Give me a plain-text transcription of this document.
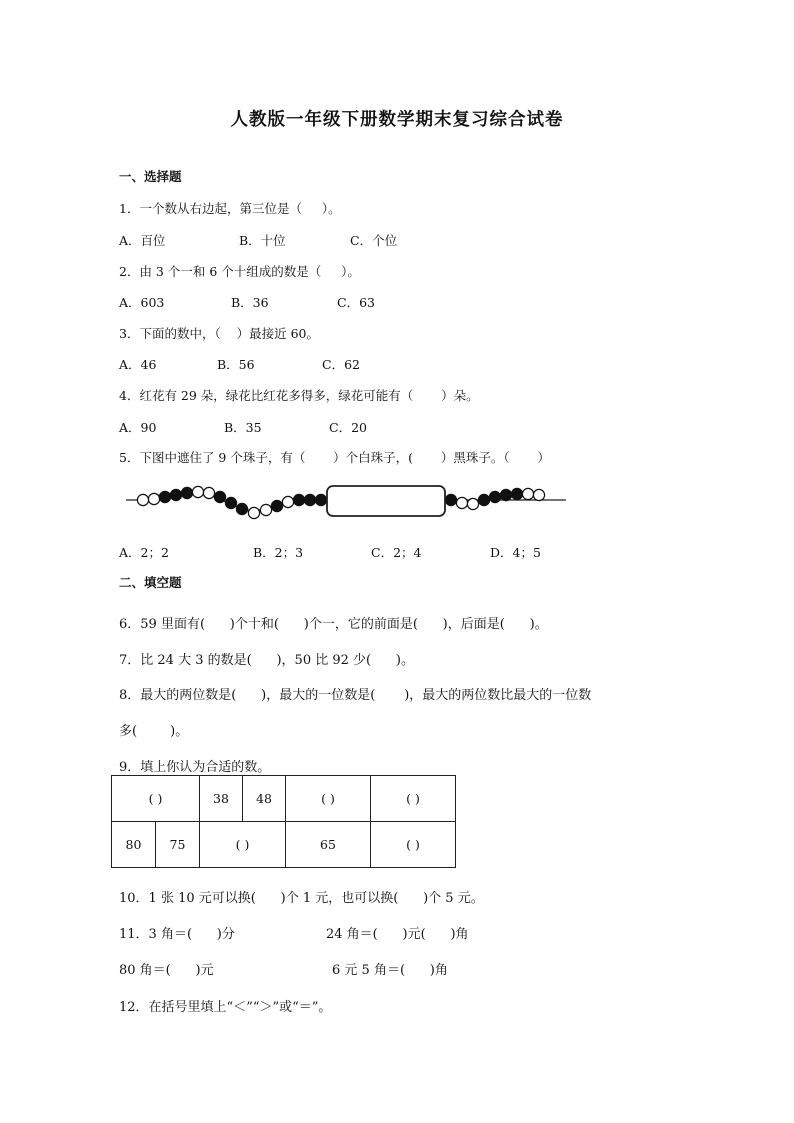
人教版一年级下册数学期末复习综合试卷
一、选择题
1．一个数从右边起，第三位是（     ）。
A．百位	B．十位	C．个位
2．由 3 个一和 6 个十组成的数是（     ）。
A．603	B．36	C．63
3．下面的数中，（    ）最接近 60。
A．46	B．56	C．62
4．红花有 29 朵，绿花比红花多得多，绿花可能有（       ）朵。
A．90	B．35	C．20
5．下图中遮住了 9 个珠子，有（       ）个白珠子，(       ）黑珠子。（       ）
A．2；2	B．2；3	C．2；4	D．4；5
二、填空题
6．59 里面有(      )个十和(      )个一，它的前面是(      )，后面是(      )。
7．比 24 大 3 的数是(      )，50 比 92 少(      )。
8．最大的两位数是(      )，最大的一位数是(       )，最大的两位数比最大的一位数
多(        )。
9．填上你认为合适的数。
( )		38	48	( )	( )
80	75	( )		65	( )
10．1 张 10 元可以换(      )个 1 元，也可以换(      )个 5 元。
11．3 角＝(      )分	24 角＝(      )元(      )角
80 角＝(      )元	6 元 5 角＝(      )角
12．在括号里填上“＜”“＞”或“＝”。
